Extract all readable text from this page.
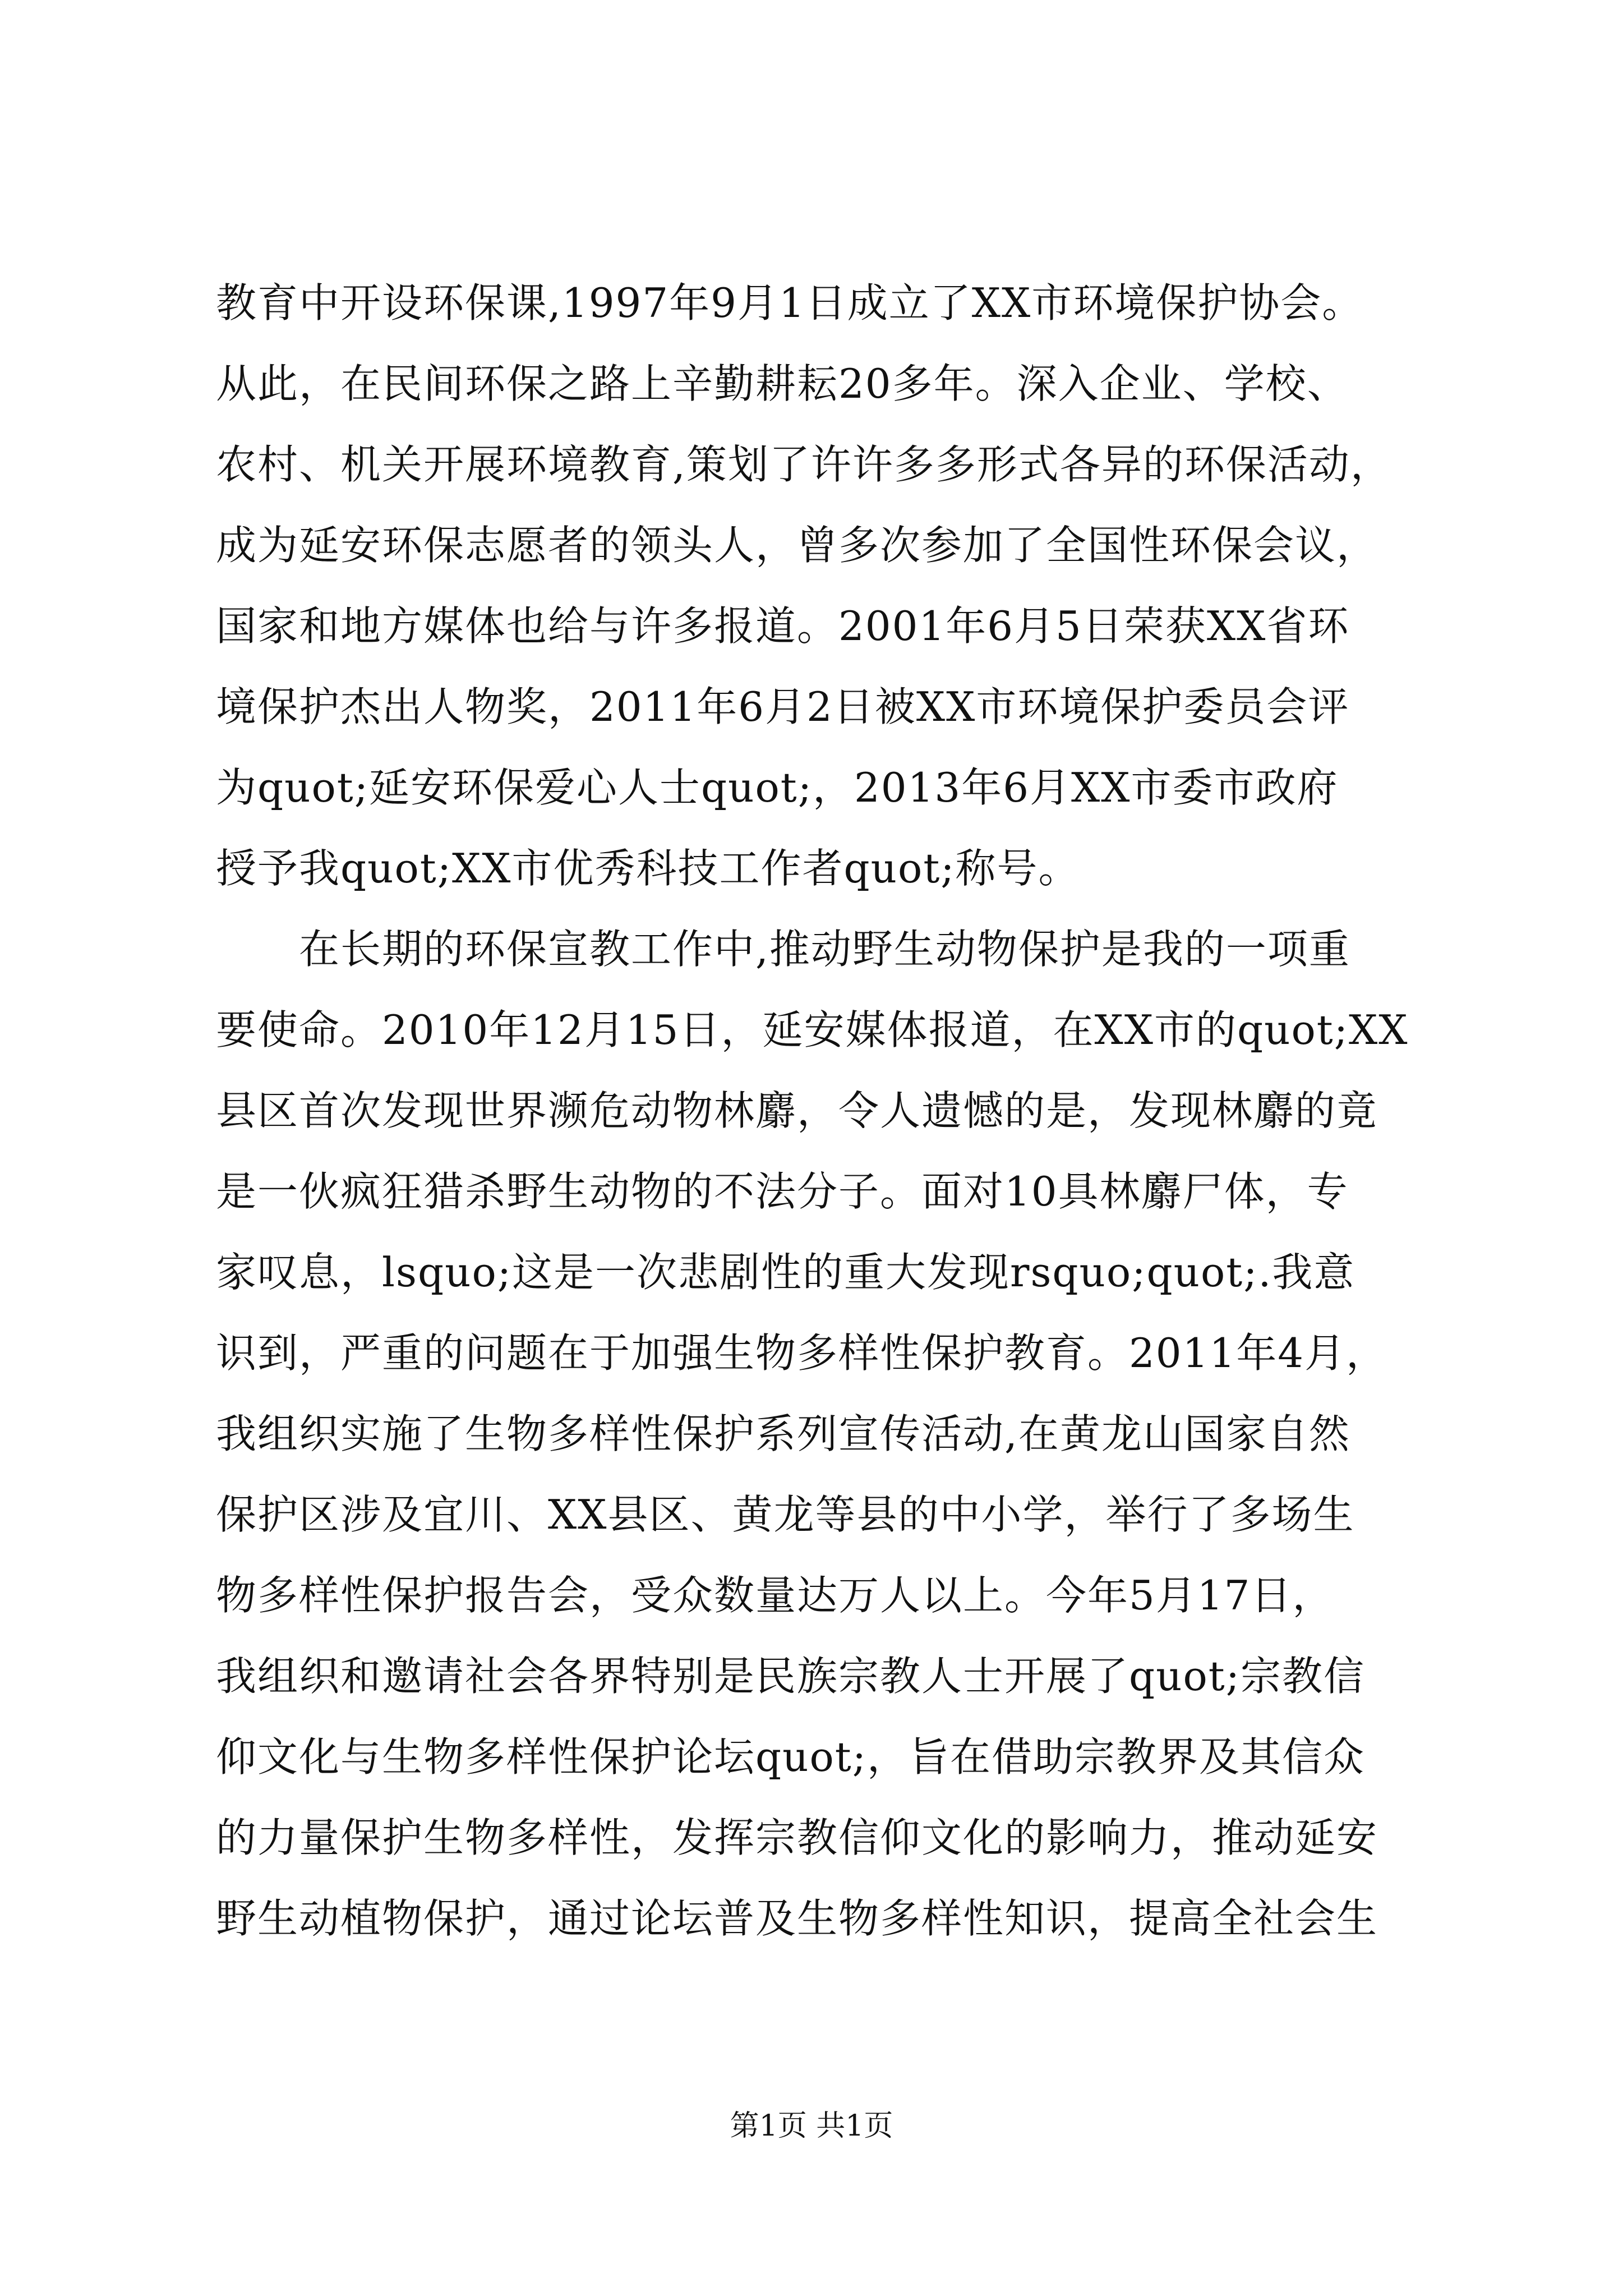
教育中开设环保课,1997年9月1日成立了XX市环境保护协会。
从此，在民间环保之路上辛勤耕耘20多年。深入企业、学校、
农村、机关开展环境教育,策划了许许多多形式各异的环保活动，
成为延安环保志愿者的领头人，曾多次参加了全国性环保会议，
国家和地方媒体也给与许多报道。2001年6月5日荣获XX省环
境保护杰出人物奖，2011年6月2日被XX市环境保护委员会评
为quot;延安环保爱心人士quot;，2013年6月XX市委市政府
授予我quot;XX市优秀科技工作者quot;称号。
　　在长期的环保宣教工作中,推动野生动物保护是我的一项重
要使命。2010年12月15日，延安媒体报道，在XX市的quot;XX
县区首次发现世界濒危动物林麝，令人遗憾的是，发现林麝的竟
是一伙疯狂猎杀野生动物的不法分子。面对10具林麝尸体，专
家叹息，lsquo;这是一次悲剧性的重大发现rsquo;quot;.我意
识到，严重的问题在于加强生物多样性保护教育。2011年4月，
我组织实施了生物多样性保护系列宣传活动,在黄龙山国家自然
保护区涉及宜川、XX县区、黄龙等县的中小学，举行了多场生
物多样性保护报告会，受众数量达万人以上。今年5月17日，
我组织和邀请社会各界特别是民族宗教人士开展了quot;宗教信
仰文化与生物多样性保护论坛quot;，旨在借助宗教界及其信众
的力量保护生物多样性，发挥宗教信仰文化的影响力，推动延安
野生动植物保护，通过论坛普及生物多样性知识，提高全社会生
第1页 共1页
